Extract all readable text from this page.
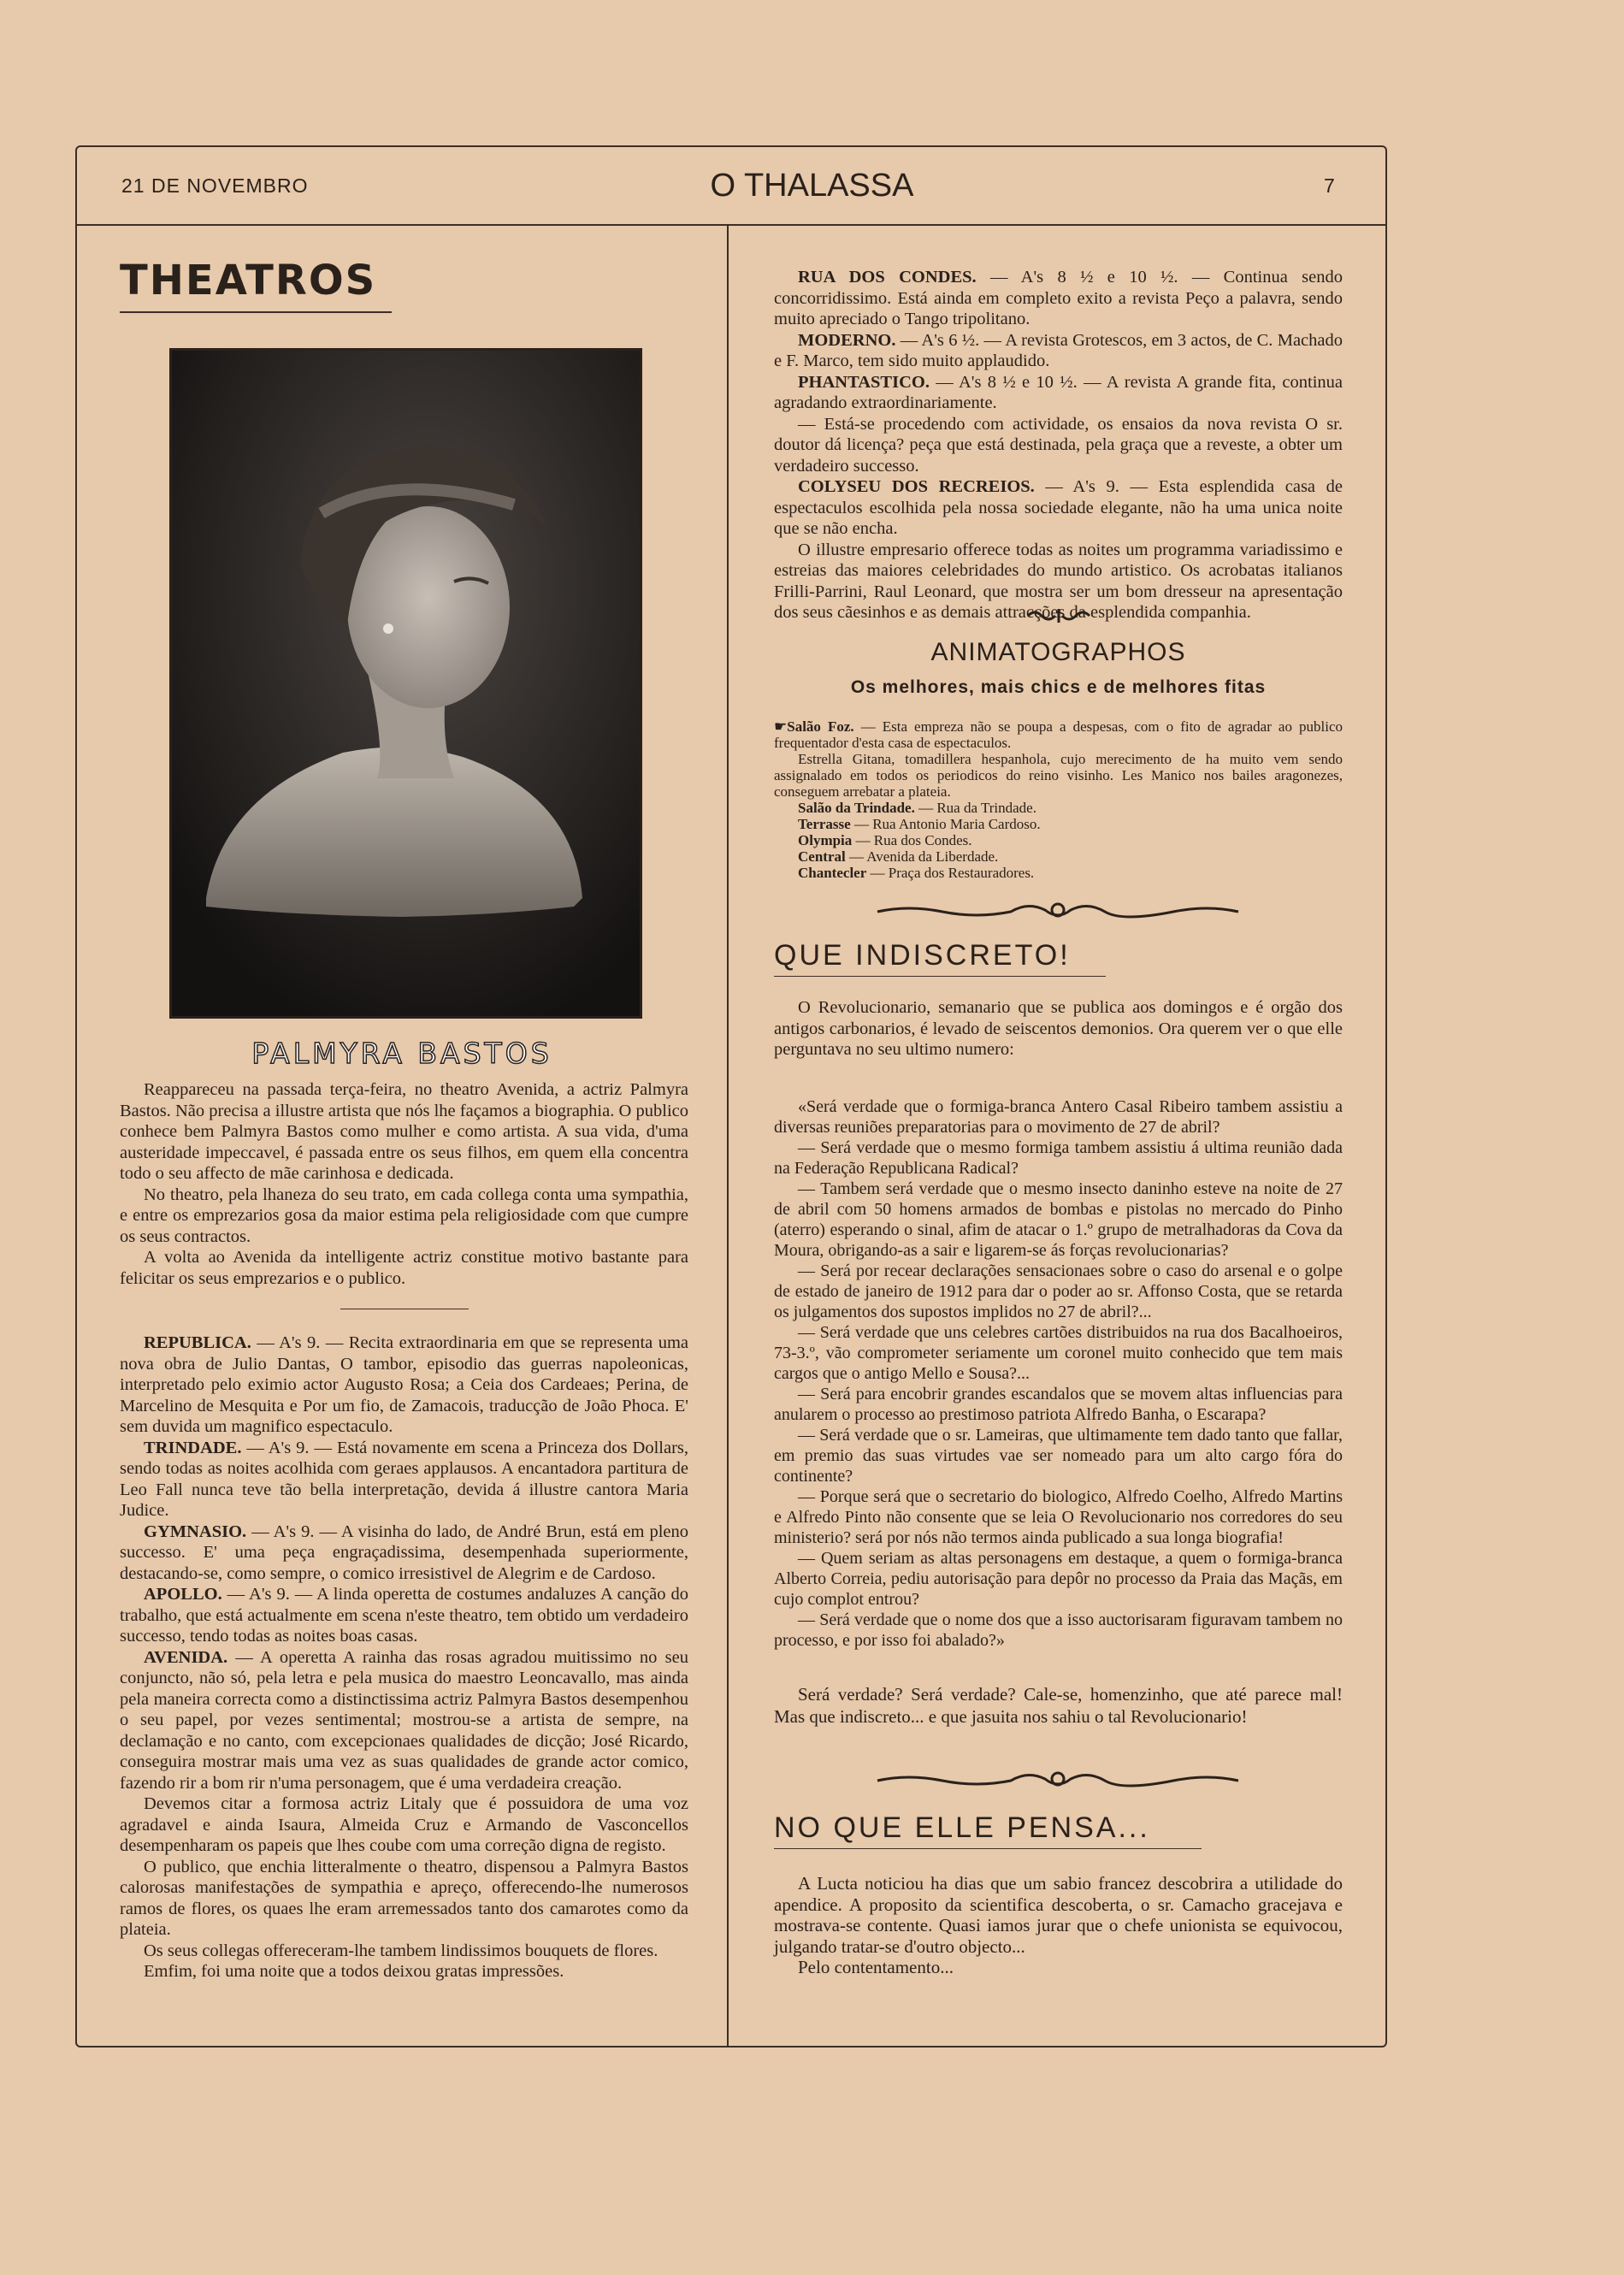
21 DE NOVEMBRO	O THALASSA	7
THEATROS
PALMYRA BASTOS

Reappareceu na passada terça-feira, no theatro Avenida, a actriz Palmyra Bastos. Não precisa a illustre artista que nós lhe façamos a biographia. O publico conhece bem Palmyra Bastos como mulher e como artista. A sua vida, d'uma austeridade impeccavel, é passada entre os seus filhos, em quem ella concentra todo o seu affecto de mãe carinhosa e dedicada.

No theatro, pela lhaneza do seu trato, em cada collega conta uma sympathia, e entre os emprezarios gosa da maior estima pela religiosidade com que cumpre os seus contractos.

A volta ao Avenida da intelligente actriz constitue motivo bastante para felicitar os seus emprezarios e o publico.

REPUBLICA. — A's 9. — Recita extraordinaria em que se representa uma nova obra de Julio Dantas, O tambor, episodio das guerras napoleonicas, interpretado pelo eximio actor Augusto Rosa; a Ceia dos Cardeaes; Perina, de Marcelino de Mesquita e Por um fio, de Zamacois, traducção de João Phoca. E' sem duvida um magnifico espectaculo.

TRINDADE. — A's 9. — Está novamente em scena a Princeza dos Dollars, sendo todas as noites acolhida com geraes applausos. A encantadora partitura de Leo Fall nunca teve tão bella interpretação, devida á illustre cantora Maria Judice.

GYMNASIO. — A's 9. — A visinha do lado, de André Brun, está em pleno successo. E' uma peça engraçadissima, desempenhada superiormente, destacando-se, como sempre, o comico irresistivel de Alegrim e de Cardoso.

APOLLO. — A's 9. — A linda operetta de costumes andaluzes A canção do trabalho, que está actualmente em scena n'este theatro, tem obtido um verdadeiro successo, tendo todas as noites boas casas.

AVENIDA. — A operetta A rainha das rosas agradou muitissimo no seu conjuncto, não só, pela letra e pela musica do maestro Leoncavallo, mas ainda pela maneira correcta como a distinctissima actriz Palmyra Bastos desempenhou o seu papel, por vezes sentimental; mostrou-se a artista de sempre, na declamação e no canto, com excepcionaes qualidades de dicção; José Ricardo, conseguira mostrar mais uma vez as suas qualidades de grande actor comico, fazendo rir a bom rir n'uma personagem, que é uma verdadeira creação.

Devemos citar a formosa actriz Litaly que é possuidora de uma voz agradavel e ainda Isaura, Almeida Cruz e Armando de Vasconcellos desempenharam os papeis que lhes coube com uma correção digna de registo.

O publico, que enchia litteralmente o theatro, dispensou a Palmyra Bastos calorosas manifestações de sympathia e apreço, offerecendo-lhe numerosos ramos de flores, os quaes lhe eram arremessados tanto dos camarotes como da plateia.

Os seus collegas offereceram-lhe tambem lindissimos bouquets de flores.

Emfim, foi uma noite que a todos deixou gratas impressões.

RUA DOS CONDES. — A's 8 ½ e 10 ½. — Continua sendo concorridissimo. Está ainda em completo exito a revista Peço a palavra, sendo muito apreciado o Tango tripolitano.

MODERNO. — A's 6 ½. — A revista Grotescos, em 3 actos, de C. Machado e F. Marco, tem sido muito applaudido.

PHANTASTICO. — A's 8 ½ e 10 ½. — A revista A grande fita, continua agradando extraordinariamente.

— Está-se procedendo com actividade, os ensaios da nova revista O sr. doutor dá licença? peça que está destinada, pela graça que a reveste, a obter um verdadeiro successo.

COLYSEU DOS RECREIOS. — A's 9. — Esta esplendida casa de espectaculos escolhida pela nossa sociedade elegante, não ha uma unica noite que se não encha.

O illustre empresario offerece todas as noites um programma variadissimo e estreias das maiores celebridades do mundo artistico. Os acrobatas italianos Frilli-Parrini, Raul Leonard, que mostra ser um bom dresseur na apresentação dos seus cãesinhos e as demais attracções da esplendida companhia.

ANIMATOGRAPHOS
Os melhores, mais chics e de melhores fitas

☛Salão Foz. — Esta empreza não se poupa a despesas, com o fito de agradar ao publico frequentador d'esta casa de espectaculos.

Estrella Gitana, tomadillera hespanhola, cujo merecimento de ha muito vem sendo assignalado em todos os periodicos do reino visinho. Les Manico nos bailes aragonezes, conseguem arrebatar a plateia.

Salão da Trindade. — Rua da Trindade.

Terrasse — Rua Antonio Maria Cardoso.

Olympia — Rua dos Condes.

Central — Avenida da Liberdade.

Chantecler — Praça dos Restauradores.

QUE INDISCRETO!

O Revolucionario, semanario que se publica aos domingos e é orgão dos antigos carbonarios, é levado de seiscentos demonios. Ora querem ver o que elle perguntava no seu ultimo numero:

«Será verdade que o formiga-branca Antero Casal Ribeiro tambem assistiu a diversas reuniões preparatorias para o movimento de 27 de abril?

— Será verdade que o mesmo formiga tambem assistiu á ultima reunião dada na Federação Republicana Radical?

— Tambem será verdade que o mesmo insecto daninho esteve na noite de 27 de abril com 50 homens armados de bombas e pistolas no mercado do Pinho (aterro) esperando o sinal, afim de atacar o 1.º grupo de metralhadoras da Cova da Moura, obrigando-as a sair e ligarem-se ás forças revolucionarias?

— Será por recear declarações sensacionaes sobre o caso do arsenal e o golpe de estado de janeiro de 1912 para dar o poder ao sr. Affonso Costa, que se retarda os julgamentos dos supostos implidos no 27 de abril?...

— Será verdade que uns celebres cartões distribuidos na rua dos Bacalhoeiros, 73-3.º, vão comprometer seriamente um coronel muito conhecido que tem mais cargos que o antigo Mello e Sousa?...

— Será para encobrir grandes escandalos que se movem altas influencias para anularem o processo ao prestimoso patriota Alfredo Banha, o Escarapa?

— Será verdade que o sr. Lameiras, que ultimamente tem dado tanto que fallar, em premio das suas virtudes vae ser nomeado para um alto cargo fóra do continente?

— Porque será que o secretario do biologico, Alfredo Coelho, Alfredo Martins e Alfredo Pinto não consente que se leia O Revolucionario nos corredores do seu ministerio? será por nós não termos ainda publicado a sua longa biografia!

— Quem seriam as altas personagens em destaque, a quem o formiga-branca Alberto Correia, pediu autorisação para depôr no processo da Praia das Maçãs, em cujo complot entrou?

— Será verdade que o nome dos que a isso auctorisaram figuravam tambem no processo, e por isso foi abalado?»

Será verdade? Será verdade? Cale-se, homenzinho, que até parece mal! Mas que indiscreto... e que jasuita nos sahiu o tal Revolucionario!

NO QUE ELLE PENSA...

A Lucta noticiou ha dias que um sabio francez descobrira a utilidade do apendice. A proposito da scientifica descoberta, o sr. Camacho gracejava e mostrava-se contente. Quasi iamos jurar que o chefe unionista se equivocou, julgando tratar-se d'outro objecto...

Pelo contentamento...
